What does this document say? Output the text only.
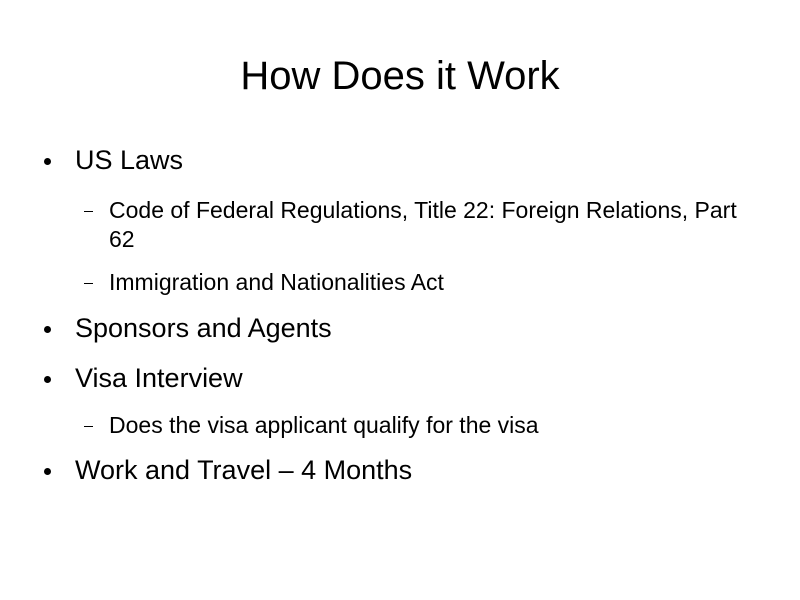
How Does it Work
US Laws
Code of Federal Regulations, Title 22: Foreign Relations, Part 62
Immigration and Nationalities Act
Sponsors and Agents
Visa Interview
Does the visa applicant qualify for the visa
Work and Travel – 4 Months
